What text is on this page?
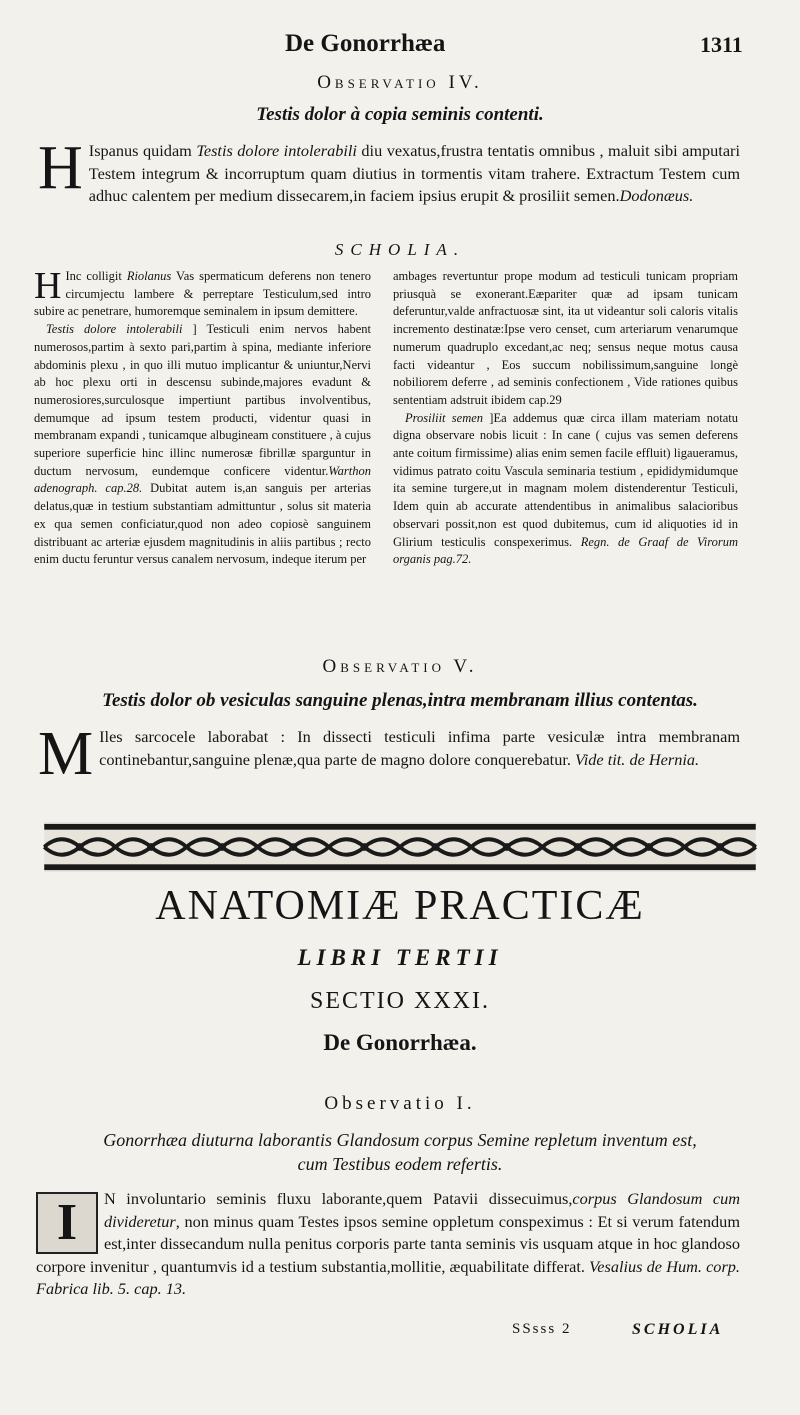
De Gonorrhæa	1311
Observatio IV.
Testis dolor à copia seminis contenti.
H Ispanus quidam Testis dolore intolerabili diu vexatus,frustra tentatis omnibus , maluit sibi amputari Testem integrum & incorruptum quam diutius in tormentis vitam trahere. Extractum Testem cum adhuc calentem per medium dissecarem,in faciem ipsius erupit & prosiliit semen.Dodonæus.
SCHOLIA.
H Inc colligit Riolanus Vas spermaticum deferens non tenero circumjectu lambere & perreptare Testiculum,sed intro subire ac penetrare, humoremque seminalem in ipsum demittere.
Testis dolore intolerabili ] Testiculi enim nervos habent numerosos,partim à sexto pari,partim à spina, mediante inferiore abdominis plexu , in quo illi mutuo implicantur & uniuntur,Nervi ab hoc plexu orti in descensu subinde,majores evadunt & numerosiores,surculosque impertiunt partibus involventibus, demumque ad ipsum testem producti, videntur quasi in membranam expandi , tunicamque albugineam constituere , à cujus superiore superficie hinc illinc numerosæ fibrillæ sparguntur in ductum nervosum, eundemque conficere videntur.Warthon adenograph. cap.28. Dubitat autem is,an sanguis per arterias delatus,quæ in testium substantiam admittuntur , solus sit materia ex qua semen conficiatur,quod non adeo copiosè sanguinem distribuant ac arteriæ ejusdem magnitudinis in aliis partibus ; recto enim ductu feruntur versus canalem nervosum, indeque iterum per
ambages revertuntur prope modum ad testiculi tunicam propriam priusquà se exonerant.Eæpariter quæ ad ipsam tunicam deferuntur,valde anfractuosæ sint, ita ut videantur soli caloris vitalis incremento destinatæ:Ipse vero censet, cum arteriarum venarumque numerum quadruplo excedant,ac neq; sensus neque motus causa facti videantur , Eos succum nobilissimum,sanguine longè nobiliorem deferre , ad seminis confectionem , Vide rationes quibus sententiam adstruit ibidem cap.29
Prosiliit semen ]Ea addemus quæ circa illam materiam notatu digna observare nobis licuit : In cane ( cujus vas semen deferens ante coitum firmissime) alias enim semen facile effluit) ligaueramus, vidimus patrato coitu Vascula seminaria testium , epididymidumque ita semine turgere,ut in magnam molem distenderentur Testiculi, Idem quin ab accurate attendentibus in animalibus salacioribus observari possit,non est quod dubitemus, cum id aliquoties id in Glirium testiculis conspexerimus. Regn. de Graaf de Virorum organis pag.72.
Observatio V.
Testis dolor ob vesiculas sanguine plenas,intra membranam illius contentas.
M Iles sarcocele laborabat : In dissecti testiculi infima parte vesiculæ intra membranam continebantur,sanguine plenæ,qua parte de magno dolore conquerebatur. Vide tit. de Hernia.
ANATOMIÆ PRACTICÆ
LIBRI TERTII
SECTIO XXXI.
De Gonorrhæa.
Observatio I.
Gonorrhæa diuturna laborantis Glandosum corpus Semine repletum inventum est,
cum Testibus eodem refertis.
I	N involuntario seminis fluxu laborante,quem Patavii dissecuimus,corpus Glandosum cum divideretur, non minus quam Testes ipsos semine oppletum conspeximus : Et si verum fatendum est,inter dissecandum nulla penitus corporis parte tanta seminis vis usquam atque in hoc glandoso corpore invenitur , quantumvis id a testium substantia,mollitie, æquabilitate differat. Vesalius de Hum. corp. Fabrica lib. 5. cap. 13.
SSsss 2	SCHOLIA
